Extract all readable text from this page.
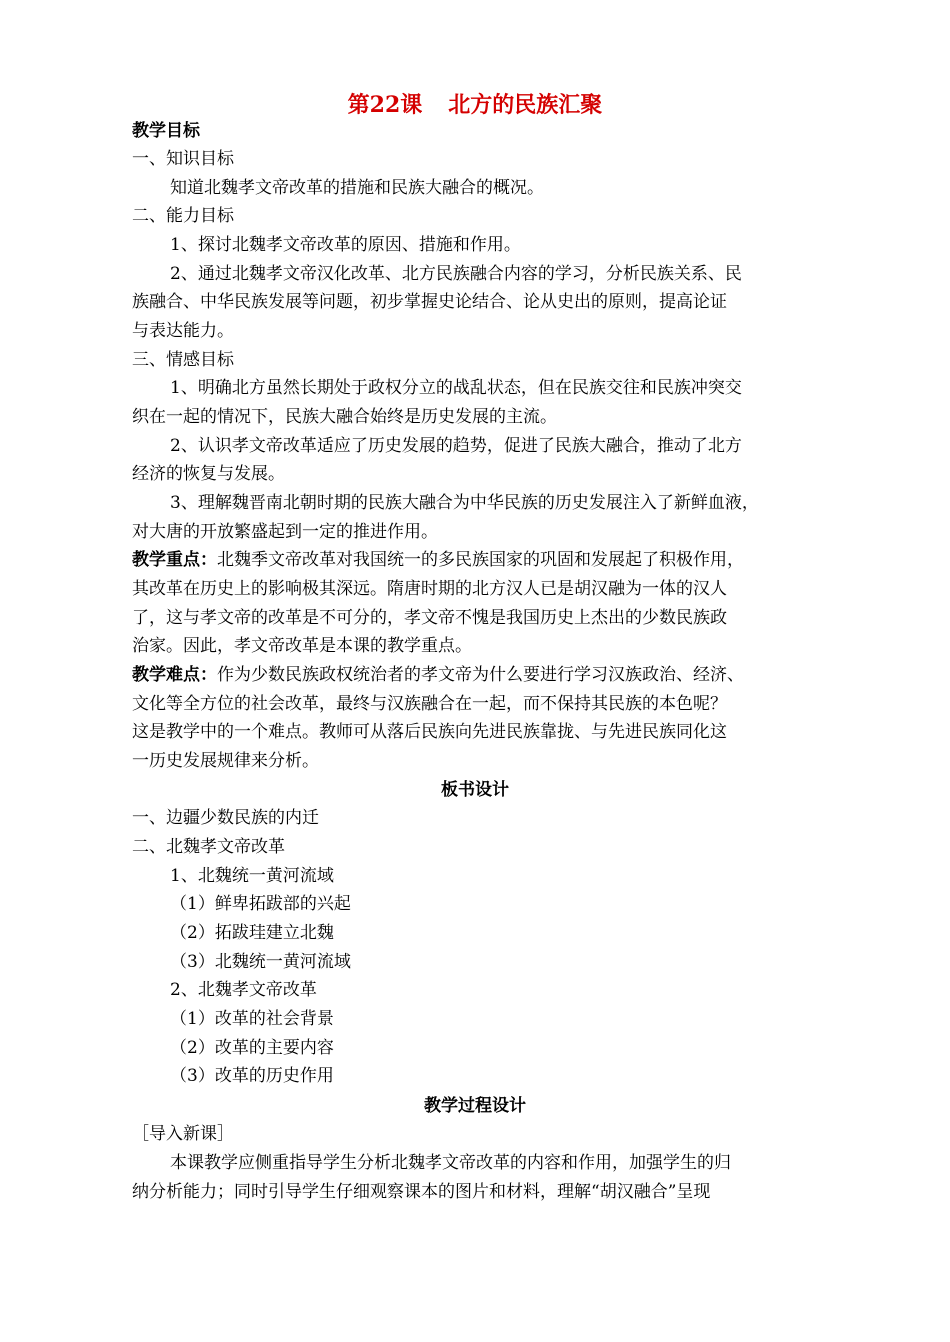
第22课 北方的民族汇聚
教学目标
一、知识目标
知道北魏孝文帝改革的措施和民族大融合的概况。
二、能力目标
1、探讨北魏孝文帝改革的原因、措施和作用。
2、通过北魏孝文帝汉化改革、北方民族融合内容的学习，分析民族关系、民
族融合、中华民族发展等问题，初步掌握史论结合、论从史出的原则，提高论证
与表达能力。
三、情感目标
1、明确北方虽然长期处于政权分立的战乱状态，但在民族交往和民族冲突交
织在一起的情况下，民族大融合始终是历史发展的主流。
2、认识孝文帝改革适应了历史发展的趋势，促进了民族大融合，推动了北方
经济的恢复与发展。
3、理解魏晋南北朝时期的民族大融合为中华民族的历史发展注入了新鲜血液，
对大唐的开放繁盛起到一定的推进作用。
教学重点：北魏季文帝改革对我国统一的多民族国家的巩固和发展起了积极作用，
其改革在历史上的影响极其深远。隋唐时期的北方汉人已是胡汉融为一体的汉人
了，这与孝文帝的改革是不可分的，孝文帝不愧是我国历史上杰出的少数民族政
治家。因此，孝文帝改革是本课的教学重点。
教学难点：作为少数民族政权统治者的孝文帝为什么要进行学习汉族政治、经济、
文化等全方位的社会改革，最终与汉族融合在一起，而不保持其民族的本色呢？
这是教学中的一个难点。教师可从落后民族向先进民族靠拢、与先进民族同化这
一历史发展规律来分析。
板书设计
一、边疆少数民族的内迁
二、北魏孝文帝改革
1、北魏统一黄河流域
（1）鲜卑拓跋部的兴起
（2）拓跋珪建立北魏
（3）北魏统一黄河流域
2、北魏孝文帝改革
（1）改革的社会背景
（2）改革的主要内容
（3）改革的历史作用
教学过程设计
［导入新课］
本课教学应侧重指导学生分析北魏孝文帝改革的内容和作用，加强学生的归
纳分析能力；同时引导学生仔细观察课本的图片和材料，理解“胡汉融合”呈现
